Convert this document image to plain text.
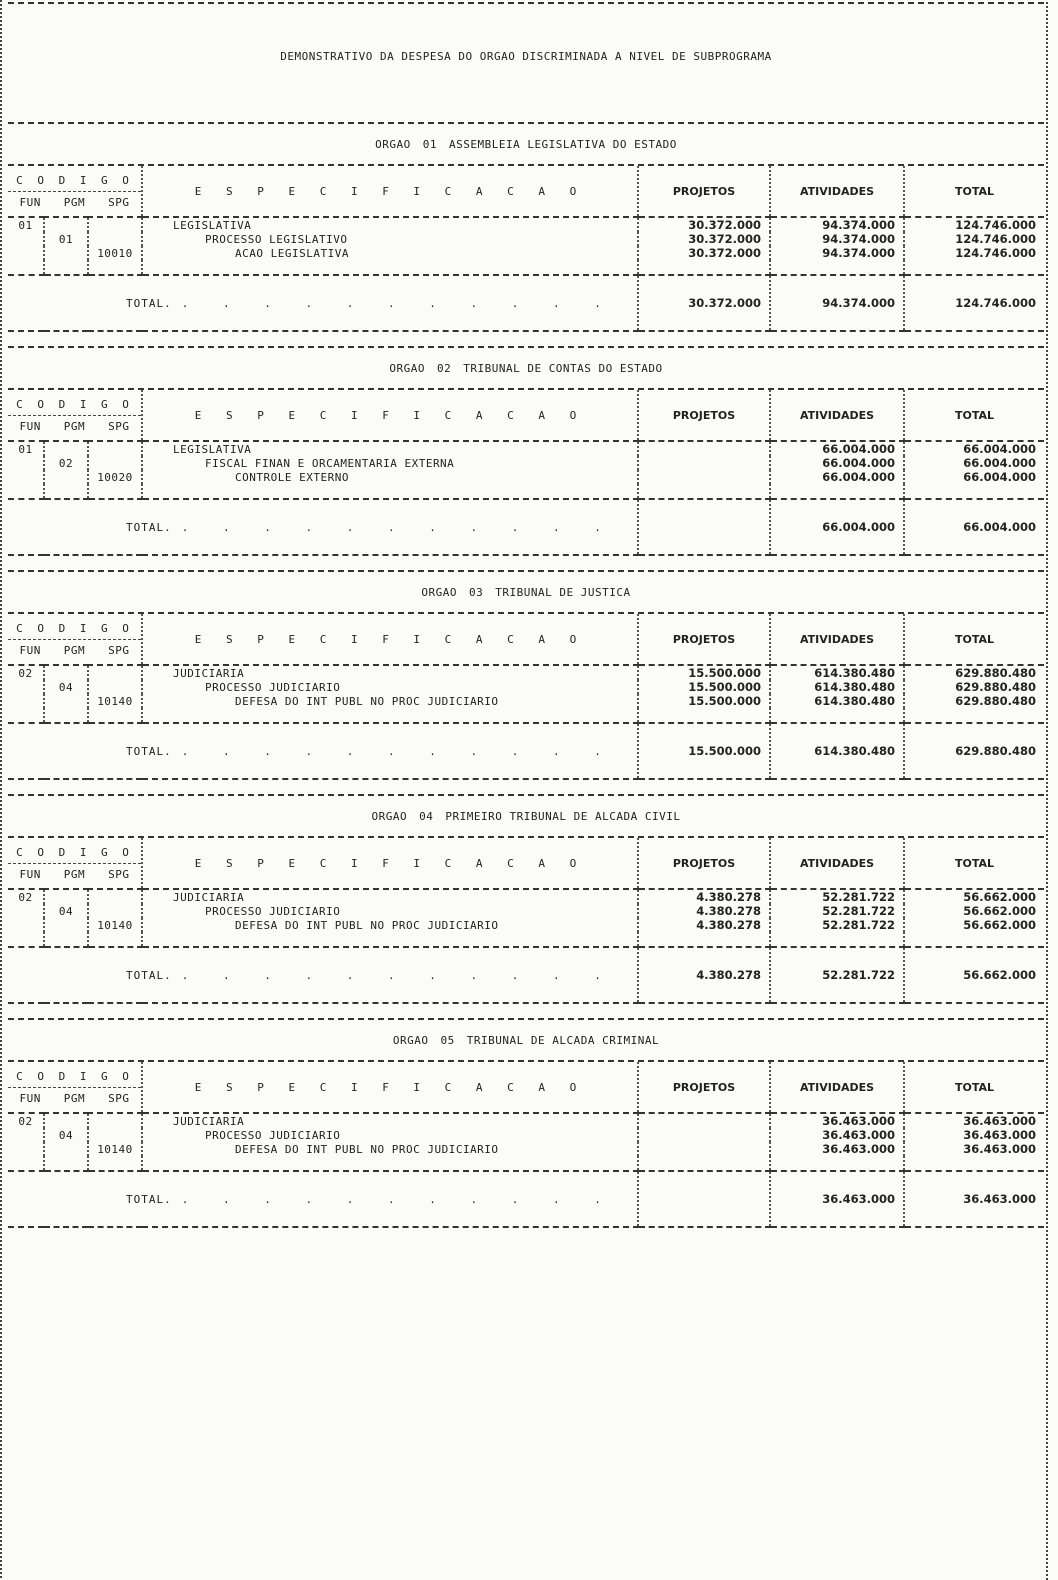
DEMONSTRATIVO DA DESPESA DO ORGAO DISCRIMINADA A NIVEL DE SUBPROGRAMA
ORGAO 01 ASSEMBLEIA LEGISLATIVA DO ESTADO
C O D I G O
FUN PGM SPG			E S P E C I F I C A C A O	PROJETOS	ATIVIDADES	TOTAL
01			LEGISLATIVA	30.372.000	94.374.000	124.746.000
	01		PROCESSO LEGISLATIVO	30.372.000	94.374.000	124.746.000
		10010	ACAO LEGISLATIVA	30.372.000	94.374.000	124.746.000

TOTAL. . . . . . . . . . . .				30.372.000	94.374.000	124.746.000
ORGAO 02 TRIBUNAL DE CONTAS DO ESTADO
C O D I G O
FUN PGM SPG			E S P E C I F I C A C A O	PROJETOS	ATIVIDADES	TOTAL
01			LEGISLATIVA		66.004.000	66.004.000
	02		FISCAL FINAN E ORCAMENTARIA EXTERNA		66.004.000	66.004.000
		10020	CONTROLE EXTERNO		66.004.000	66.004.000

TOTAL. . . . . . . . . . . .					66.004.000	66.004.000
ORGAO 03 TRIBUNAL DE JUSTICA
C O D I G O
FUN PGM SPG			E S P E C I F I C A C A O	PROJETOS	ATIVIDADES	TOTAL
02			JUDICIARIA	15.500.000	614.380.480	629.880.480
	04		PROCESSO JUDICIARIO	15.500.000	614.380.480	629.880.480
		10140	DEFESA DO INT PUBL NO PROC JUDICIARIO	15.500.000	614.380.480	629.880.480

TOTAL. . . . . . . . . . . .				15.500.000	614.380.480	629.880.480
ORGAO 04 PRIMEIRO TRIBUNAL DE ALCADA CIVIL
C O D I G O
FUN PGM SPG			E S P E C I F I C A C A O	PROJETOS	ATIVIDADES	TOTAL
02			JUDICIARIA	4.380.278	52.281.722	56.662.000
	04		PROCESSO JUDICIARIO	4.380.278	52.281.722	56.662.000
		10140	DEFESA DO INT PUBL NO PROC JUDICIARIO	4.380.278	52.281.722	56.662.000

TOTAL. . . . . . . . . . . .				4.380.278	52.281.722	56.662.000
ORGAO 05 TRIBUNAL DE ALCADA CRIMINAL
C O D I G O
FUN PGM SPG			E S P E C I F I C A C A O	PROJETOS	ATIVIDADES	TOTAL
02			JUDICIARIA		36.463.000	36.463.000
	04		PROCESSO JUDICIARIO		36.463.000	36.463.000
		10140	DEFESA DO INT PUBL NO PROC JUDICIARIO		36.463.000	36.463.000

TOTAL. . . . . . . . . . . .					36.463.000	36.463.000
